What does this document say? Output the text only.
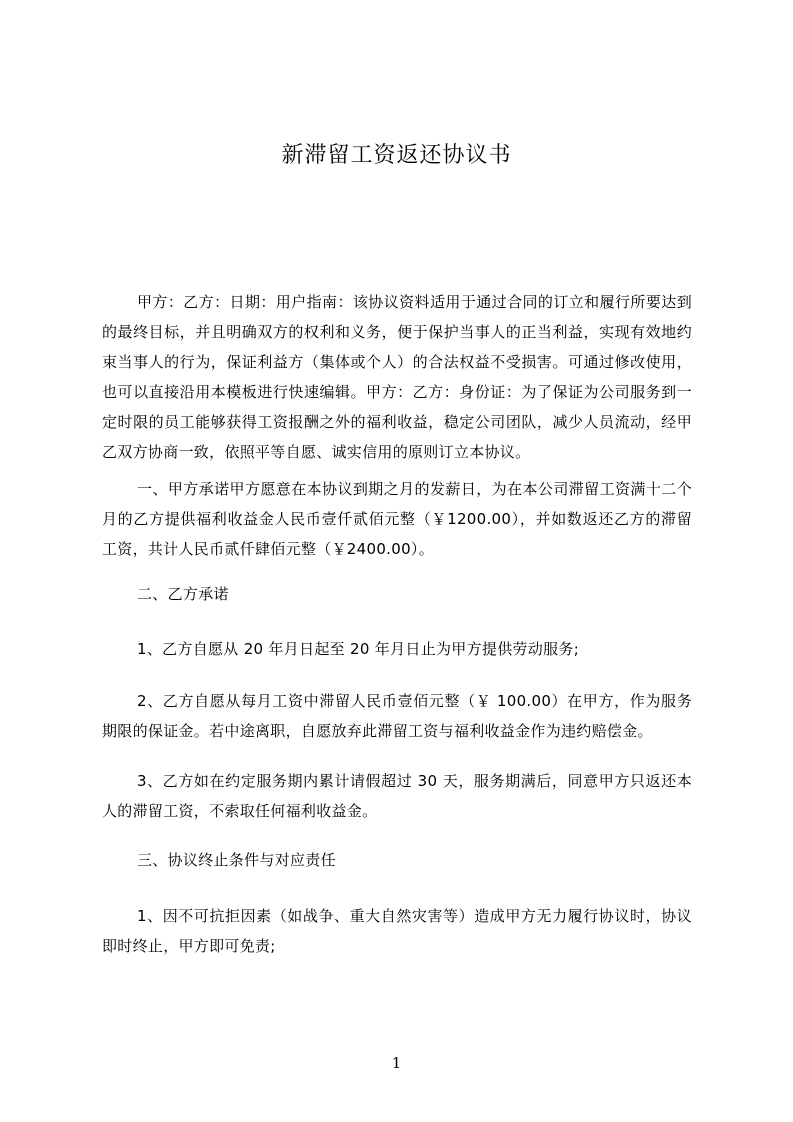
新滞留工资返还协议书

甲方：乙方：日期：用户指南：该协议资料适用于通过合同的订立和履行所要达到的最终目标，并且明确双方的权利和义务，便于保护当事人的正当利益，实现有效地约束当事人的行为，保证利益方（集体或个人）的合法权益不受损害。可通过修改使用，也可以直接沿用本模板进行快速编辑。甲方：乙方：身份证：为了保证为公司服务到一定时限的员工能够获得工资报酬之外的福利收益，稳定公司团队，减少人员流动，经甲乙双方协商一致，依照平等自愿、诚实信用的原则订立本协议。

一、甲方承诺甲方愿意在本协议到期之月的发薪日，为在本公司滞留工资满十二个月的乙方提供福利收益金人民币壹仟贰佰元整（￥1200.00），并如数返还乙方的滞留工资，共计人民币贰仟肆佰元整（￥2400.00）。

二、乙方承诺

1、乙方自愿从 20 年月日起至 20 年月日止为甲方提供劳动服务;

2、乙方自愿从每月工资中滞留人民币壹佰元整（￥ 100.00）在甲方，作为服务期限的保证金。若中途离职，自愿放弃此滞留工资与福利收益金作为违约赔偿金。

3、乙方如在约定服务期内累计请假超过 30 天，服务期满后，同意甲方只返还本人的滞留工资，不索取任何福利收益金。

三、协议终止条件与对应责任

1、因不可抗拒因素（如战争、重大自然灾害等）造成甲方无力履行协议时，协议即时终止，甲方即可免责;

1
